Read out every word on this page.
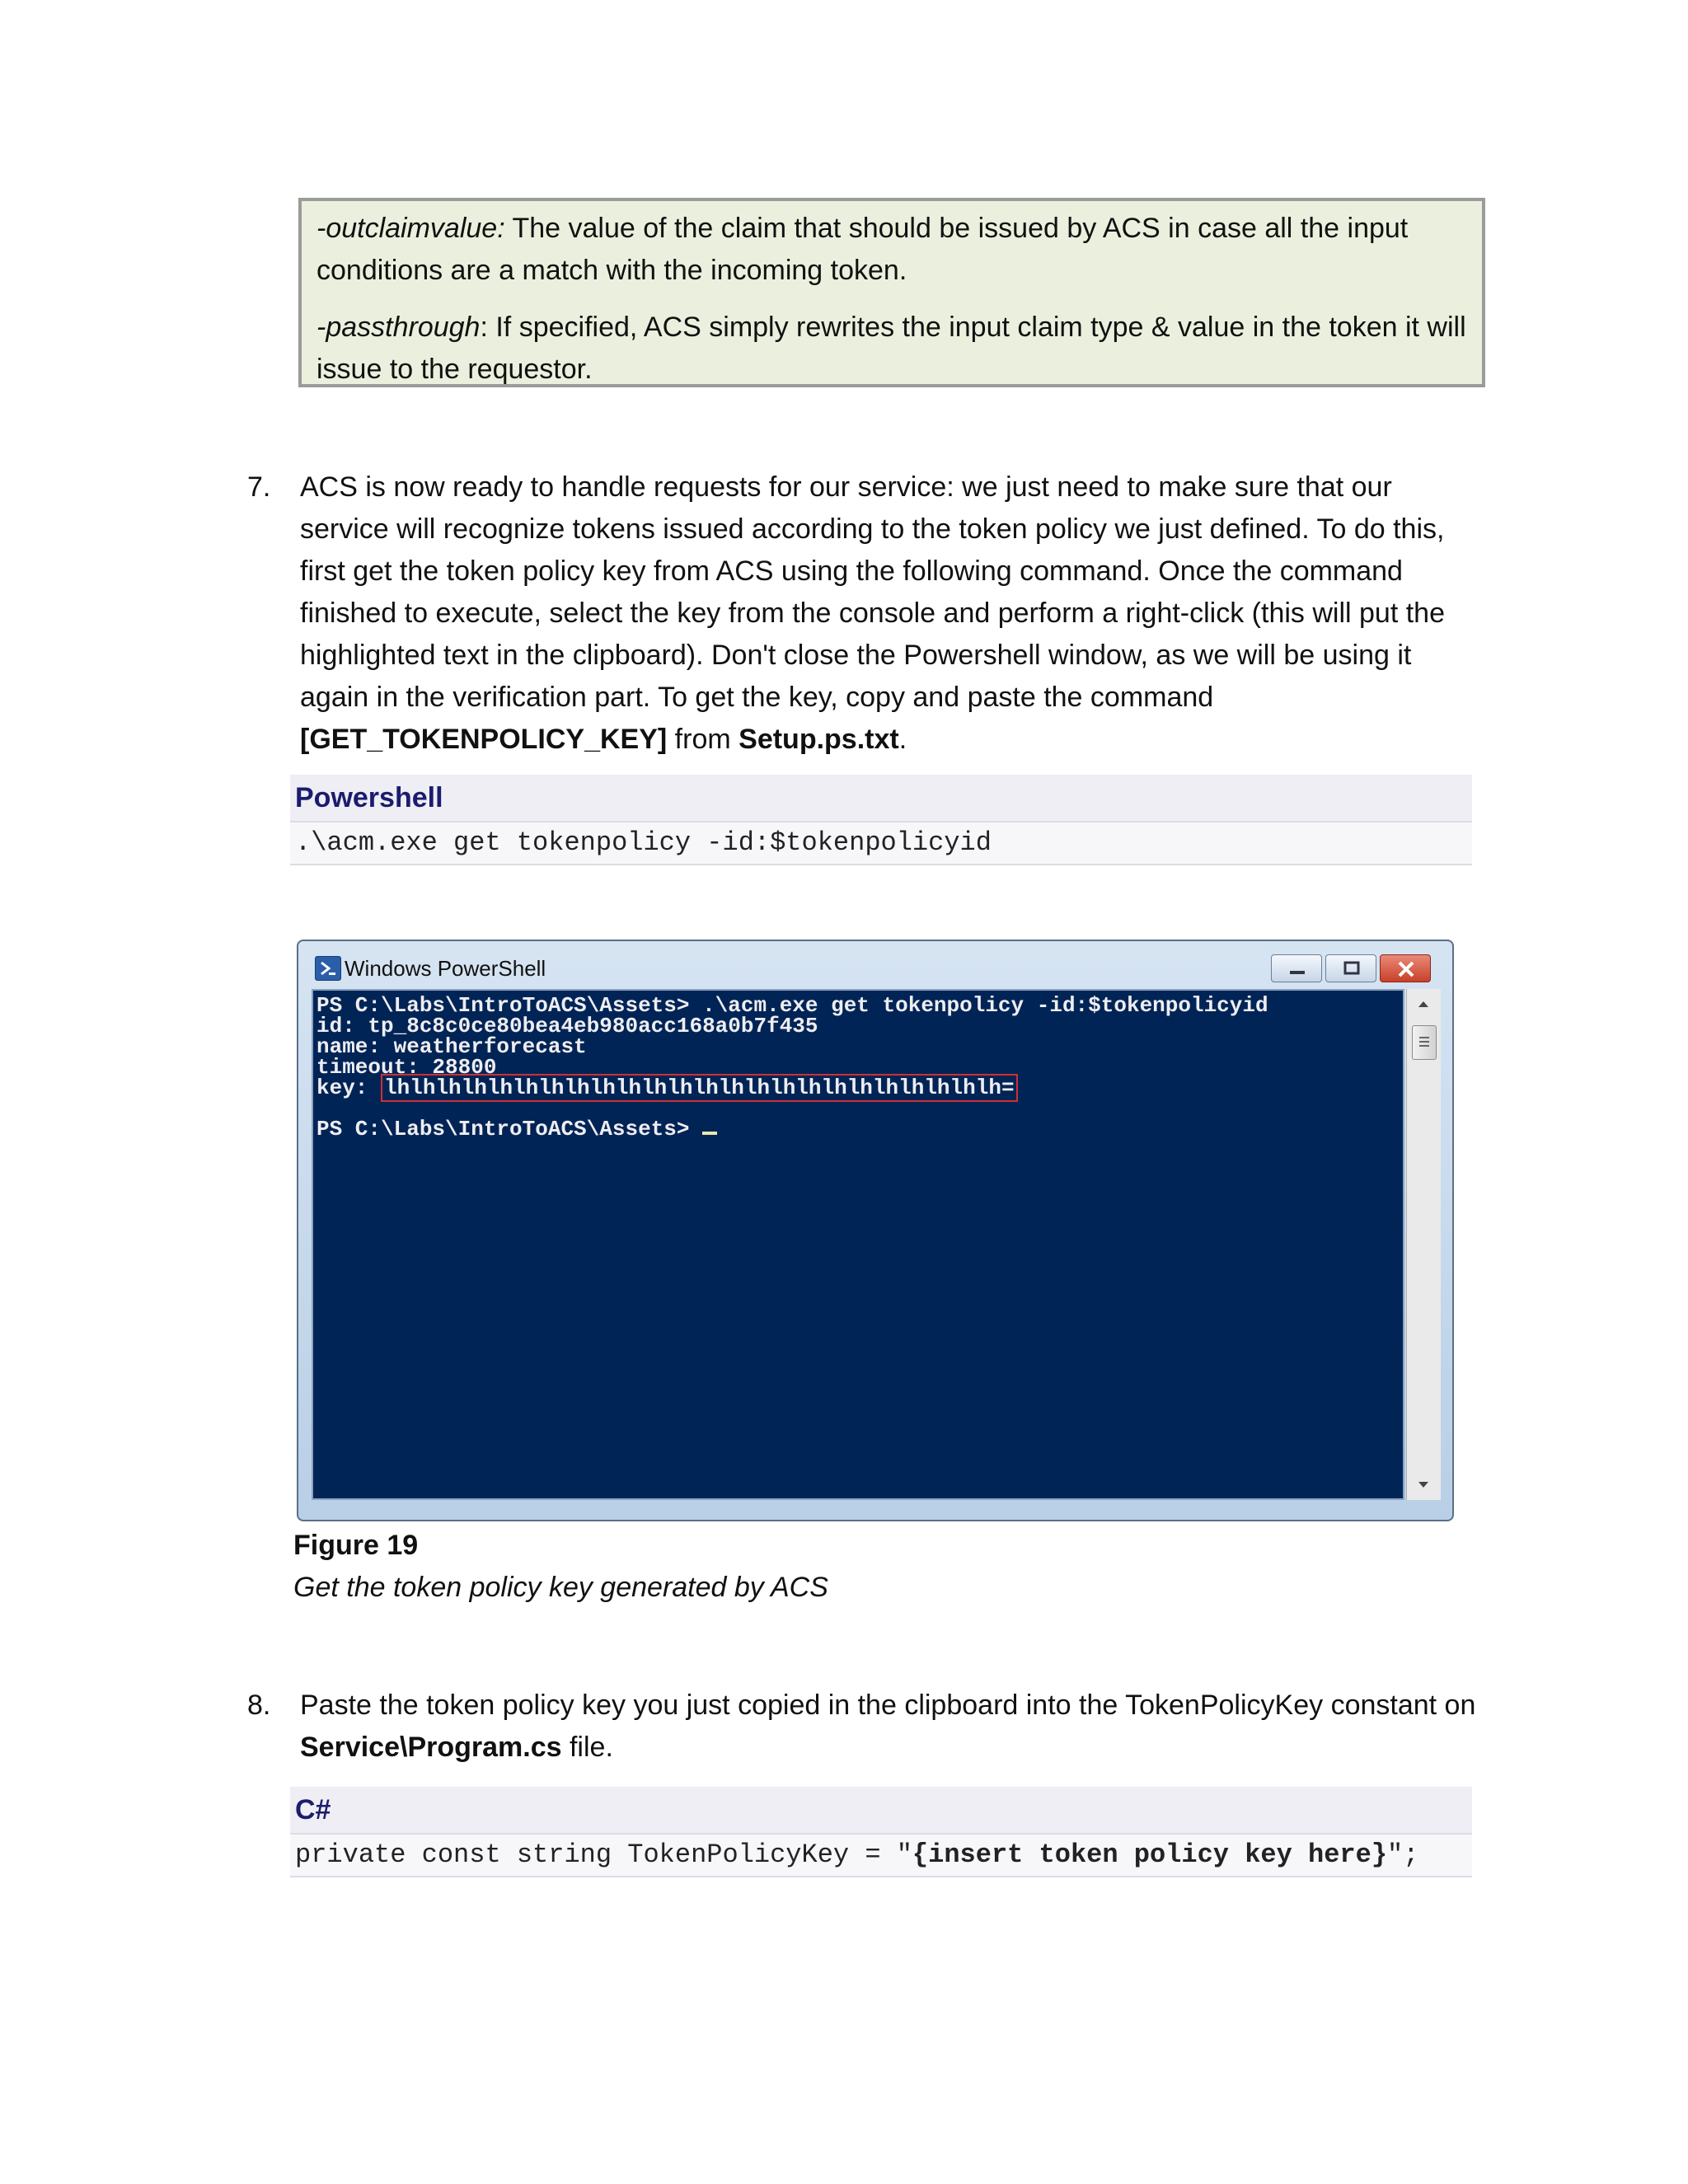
-outclaimvalue: The value of the claim that should be issued by ACS in case all the input conditions are a match with the incoming token.

-passthrough: If specified, ACS simply rewrites the input claim type & value in the token it will issue to the requestor.

7. ACS is now ready to handle requests for our service: we just need to make sure that our service will recognize tokens issued according to the token policy we just defined. To do this, first get the token policy key from ACS using the following command. Once the command finished to execute, select the key from the console and perform a right-click (this will put the highlighted text in the clipboard). Don't close the Powershell window, as we will be using it again in the verification part. To get the key, copy and paste the command [GET_TOKENPOLICY_KEY] from Setup.ps.txt.
Powershell
.\acm.exe get tokenpolicy -id:$tokenpolicyid
Windows PowerShell
PS C:\Labs\IntroToACS\Assets> .\acm.exe get tokenpolicy -id:$tokenpolicyid
id: tp_8c8c0ce80bea4eb980acc168a0b7f435
name: weatherforecast
timeout: 28800
key: lhlhlhlhlhlhlhlhlhlhlhlhlhlhlhlhlhlhlhlhlhlhlhlh=
PS C:\Labs\IntroToACS\Assets>
Figure 19
Get the token policy key generated by ACS
8. Paste the token policy key you just copied in the clipboard into the TokenPolicyKey constant on Service\Program.cs file.
C#
private const string TokenPolicyKey = "{insert token policy key here}";
